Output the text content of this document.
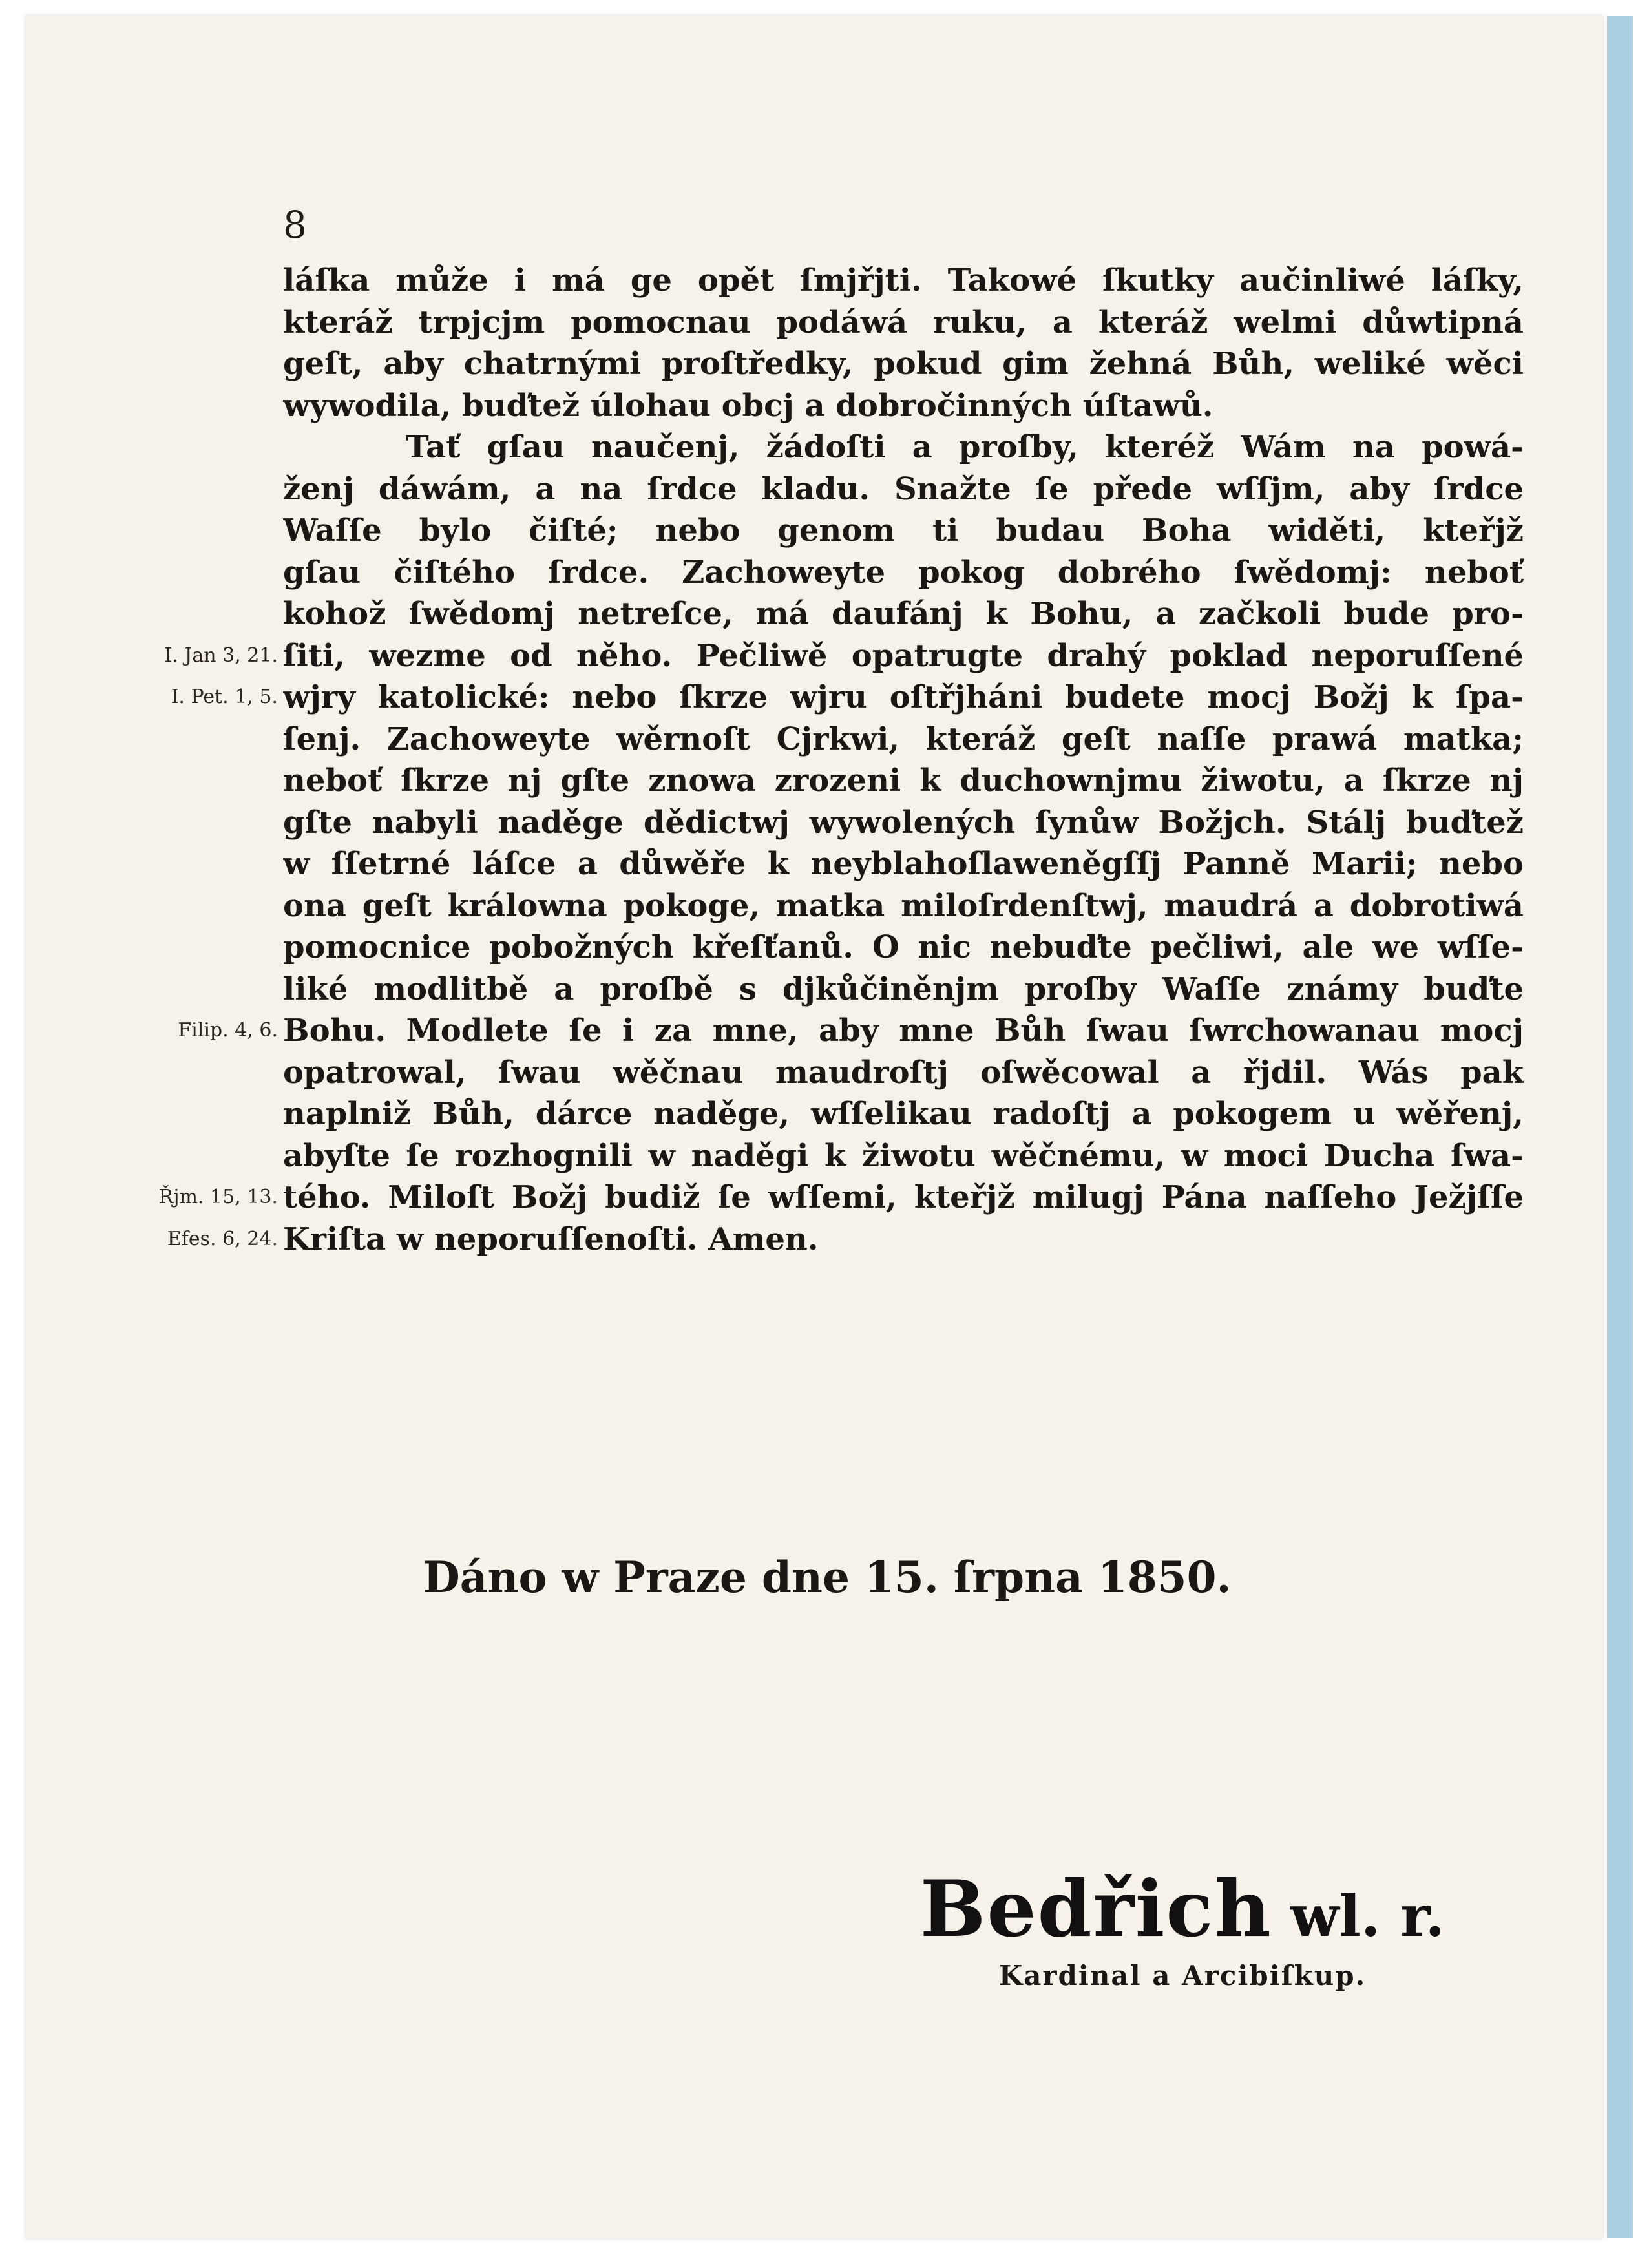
8
I. Jan 3, 21.
I. Pet. 1, 5.
Filip. 4, 6.
Řjm. 15, 13.
Efes. 6, 24.
láſka může i má ge opět ſmjřjti. Takowé ſkutky aučinliwé láſky,
kteráž trpjcjm pomocnau podáwá ruku, a kteráž welmi důwtipná
geſt, aby chatrnými proſtředky, pokud gim žehná Bůh, weliké wěci
wywodila, buďtež úlohau obcj a dobročinných úſtawů.
Tať gſau naučenj, žádoſti a proſby, kteréž Wám na powá-
ženj dáwám, a na ſrdce kladu. Snažte ſe přede wſſjm, aby ſrdce
Waſſe bylo čiſté; nebo genom ti budau Boha widěti, kteřjž
gſau čiſtého ſrdce. Zachoweyte pokog dobrého ſwědomj: neboť
kohož ſwědomj netreſce, má daufánj k Bohu, a začkoli bude pro-
ſiti, wezme od něho. Pečliwě opatrugte drahý poklad neporuſſené
wjry katolické: nebo ſkrze wjru oſtřjháni budete mocj Božj k ſpa-
ſenj. Zachoweyte wěrnoſt Cjrkwi, kteráž geſt naſſe prawá matka;
neboť ſkrze nj gſte znowa zrozeni k duchownjmu žiwotu, a ſkrze nj
gſte nabyli naděge dědictwj wywolených ſynůw Božjch. Stálj buďtež
w ſſetrné láſce a důwěře k neyblahoſlaweněgſſj Panně Marii; nebo
ona geſt králowna pokoge, matka miloſrdenſtwj, maudrá a dobrotiwá
pomocnice pobožných křeſťanů. O nic nebuďte pečliwi, ale we wſſe-
liké modlitbě a proſbě s djkůčiněnjm proſby Waſſe známy buďte
Bohu. Modlete ſe i za mne, aby mne Bůh ſwau ſwrchowanau mocj
opatrowal, ſwau wěčnau maudroſtj oſwěcowal a řjdil. Wás pak
naplniž Bůh, dárce naděge, wſſelikau radoſtj a pokogem u wěřenj,
abyſte ſe rozhognili w naděgi k žiwotu wěčnému, w moci Ducha ſwa-
tého. Miloſt Božj budiž ſe wſſemi, kteřjž milugj Pána naſſeho Ježjſſe
Kriſta w neporuſſenoſti. Amen.
Dáno w Praze dne 15. ſrpna 1850.
Bedřich wl. r.
Kardinal a Arcibiſkup.
